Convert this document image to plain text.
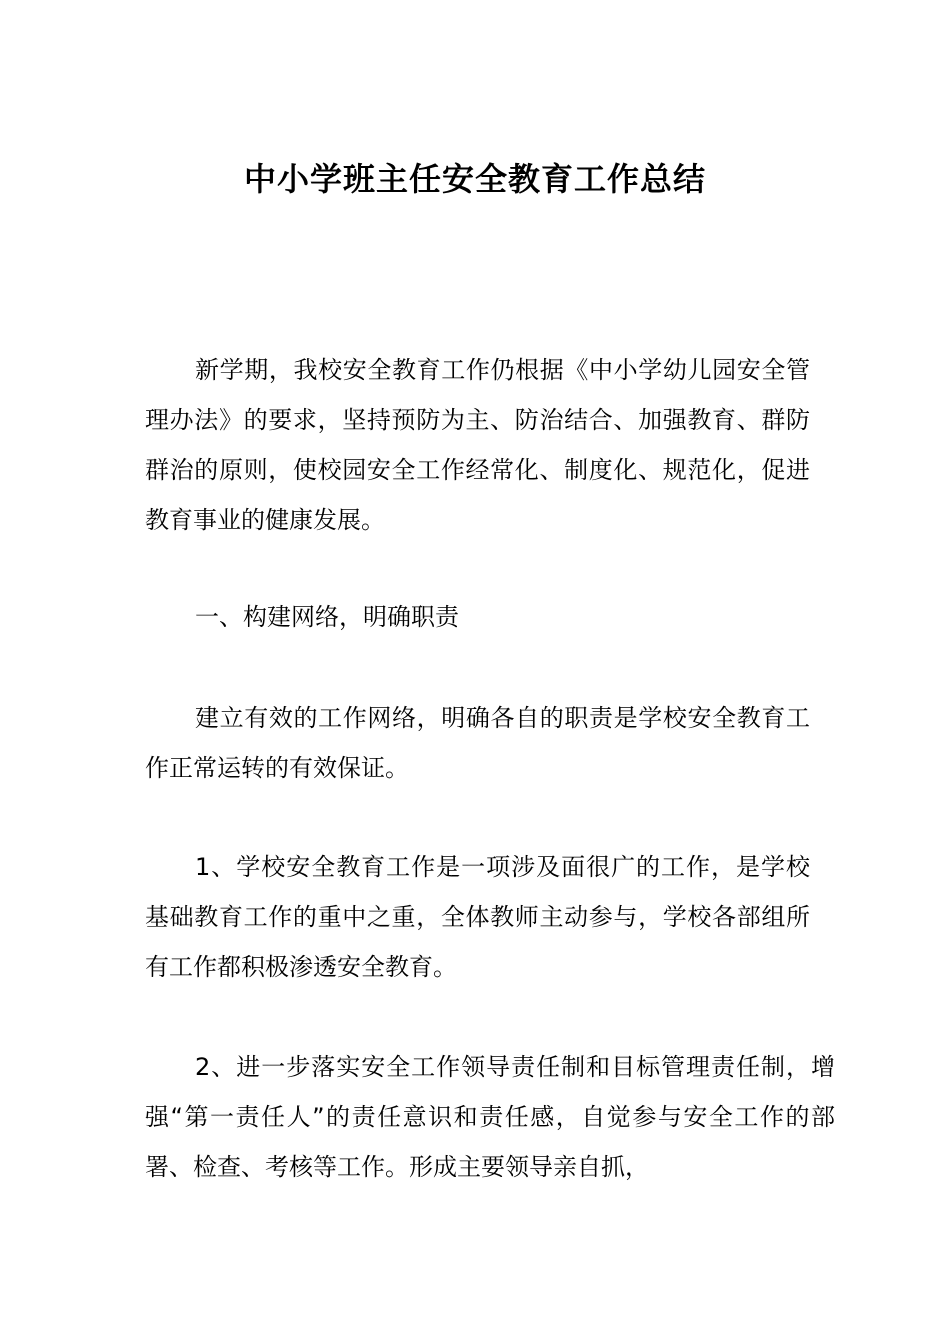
中小学班主任安全教育工作总结

新学期，我校安全教育工作仍根据《中小学幼儿园安全管理办法》的要求，坚持预防为主、防治结合、加强教育、群防群治的原则，使校园安全工作经常化、制度化、规范化，促进教育事业的健康发展。

一、构建网络，明确职责

建立有效的工作网络，明确各自的职责是学校安全教育工作正常运转的有效保证。

1、学校安全教育工作是一项涉及面很广的工作，是学校基础教育工作的重中之重，全体教师主动参与，学校各部组所有工作都积极渗透安全教育。

2、进一步落实安全工作领导责任制和目标管理责任制，增强“第一责任人”的责任意识和责任感，自觉参与安全工作的部署、检查、考核等工作。形成主要领导亲自抓，
